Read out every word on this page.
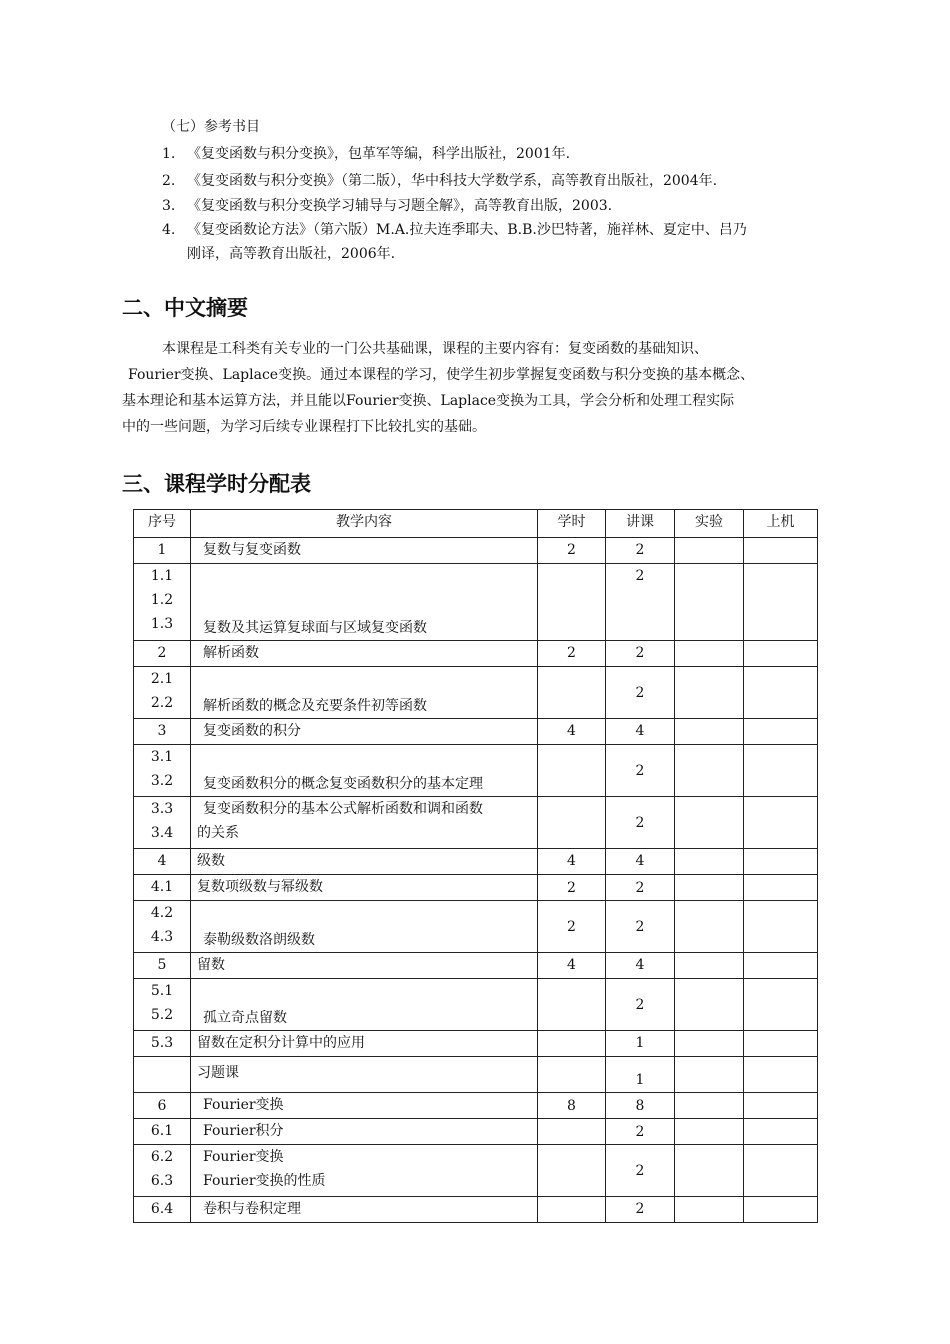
（七）参考书目
1. 《复变函数与积分变换》，包革军等编，科学出版社，2001年.
2. 《复变函数与积分变换》（第二版），华中科技大学数学系，高等教育出版社，2004年.
3. 《复变函数与积分变换学习辅导与习题全解》，高等教育出版，2003.
4. 《复变函数论方法》（第六版）M.A.拉夫连季耶夫、B.B.沙巴特著，施祥林、夏定中、吕乃
刚译，高等教育出版社，2006年.
二、中文摘要
本课程是工科类有关专业的一门公共基础课，课程的主要内容有：复变函数的基础知识、
Fourier变换、Laplace变换。通过本课程的学习，使学生初步掌握复变函数与积分变换的基本概念、
基本理论和基本运算方法，并且能以Fourier变换、Laplace变换为工具，学会分析和处理工程实际
中的一些问题，为学习后续专业课程打下比较扎实的基础。
三、课程学时分配表
序号	教学内容	学时	讲课	实验	上机
1	复数与复变函数	2	2		

1.1
1.2
1.3	复数及其运算复球面与区域复变函数		2		
2	解析函数	2	2		

2.1
2.2	解析函数的概念及充要条件初等函数		2		
3	复变函数的积分	4	4		

3.1
3.2	复变函数积分的概念复变函数积分的基本定理		2		

3.3
3.4	复变函数积分的基本公式解析函数和调和函数
的关系		2		
4	级数	4	4		
4.1	复数项级数与幂级数	2	2		

4.2
4.3	泰勒级数洛朗级数	2	2		
5	留数	4	4		

5.1
5.2	孤立奇点留数		2		
5.3	留数在定积分计算中的应用		1		
	习题课		1		
6	Fourier变换	8	8		
6.1	Fourier积分		2		

6.2
6.3	Fourier变换
Fourier变换的性质		2		
6.4	卷积与卷积定理		2		
